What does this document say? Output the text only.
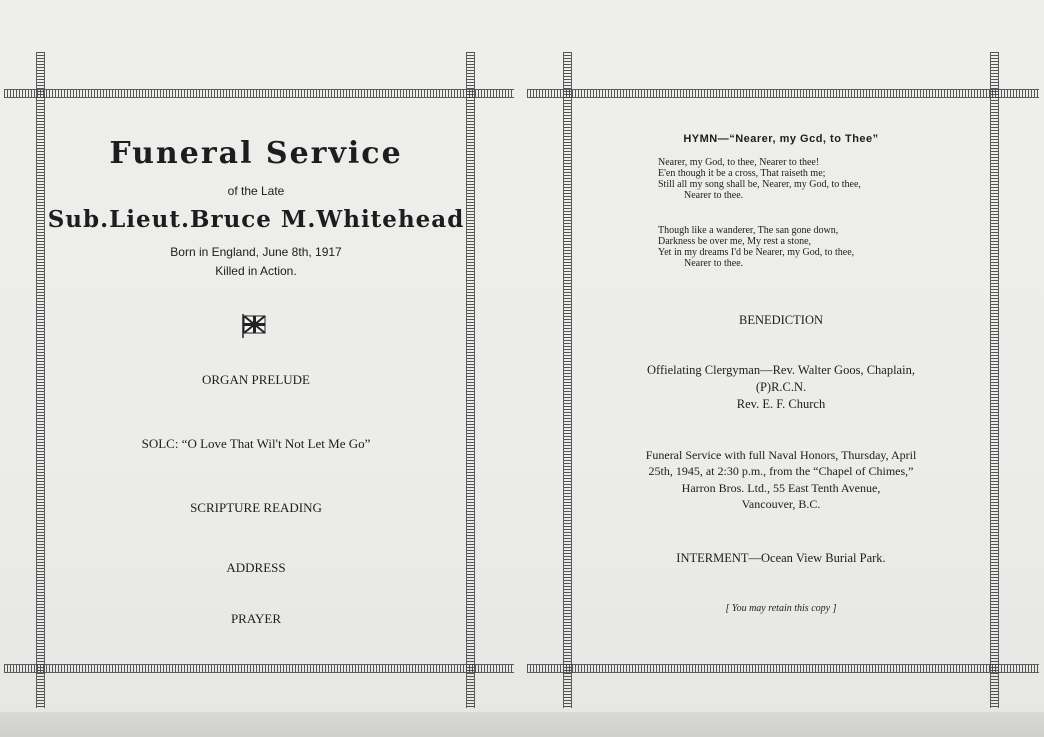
Funeral Service
of the Late
Sub.Lieut.Bruce M.Whitehead
Born in England, June 8th, 1917
Killed in Action.
ORGAN PRELUDE
SOLC: “O Love That Wil't Not Let Me Go”
SCRIPTURE READING
ADDRESS
PRAYER
HYMN—“Nearer, my Gcd, to Thee”
Nearer, my God, to thee, Nearer to thee!
E'en though it be a cross, That raiseth me;
Still all my song shall be, Nearer, my God, to thee,
Nearer to thee.
Though like a wanderer, The san gone down,
Darkness be over me, My rest a stone,
Yet in my dreams I'd be Nearer, my God, to thee,
Nearer to thee.
BENEDICTION
Offielating Clergyman—Rev. Walter Goos, Chaplain,
(P)R.C.N.
Rev. E. F. Church
Funeral Service with full Naval Honors, Thursday, April
25th, 1945, at 2:30 p.m., from the “Chapel of Chimes,”
Harron Bros. Ltd., 55 East Tenth Avenue,
Vancouver, B.C.
INTERMENT—Ocean View Burial Park.
[ You may retain this copy ]
